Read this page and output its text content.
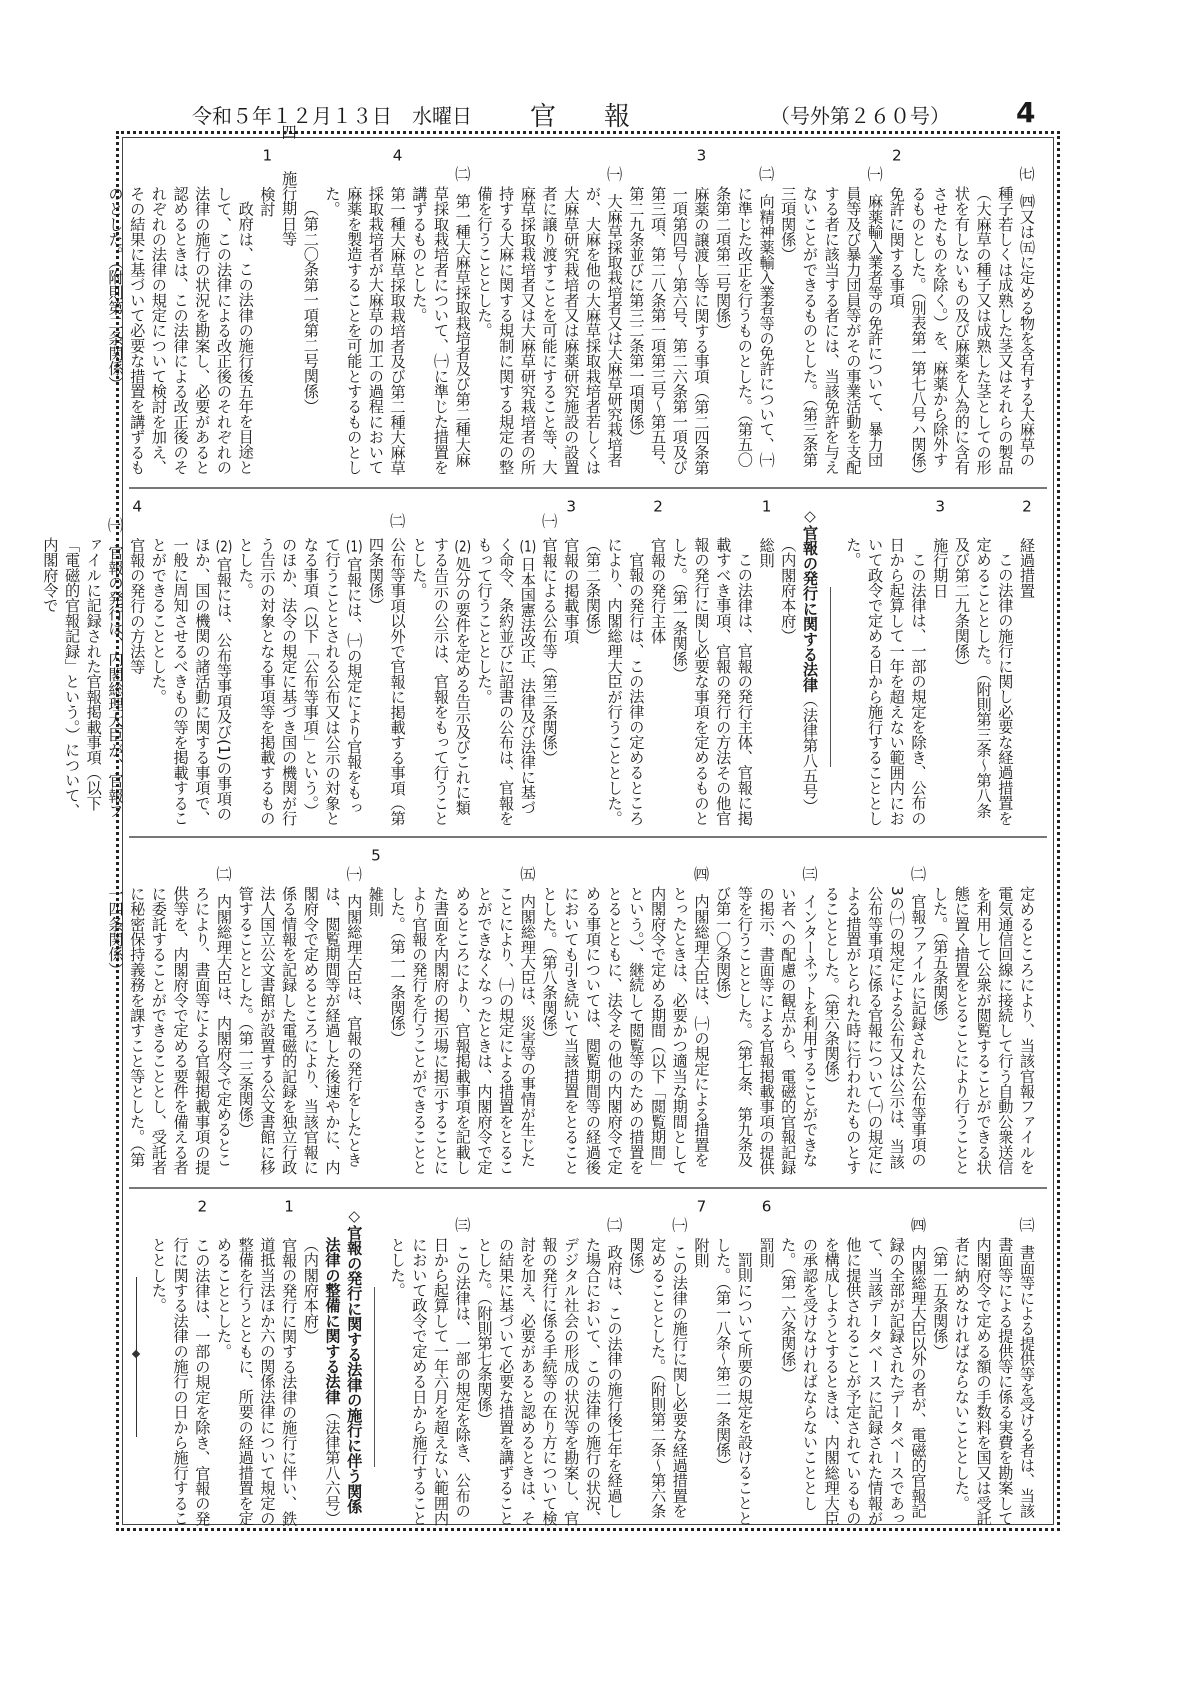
令和５年１２月１３日　水曜日 官報	（号外第２６０号） 4
㈦㈣又は㈤に定める物を含有する大麻草の種子若しくは成熟した茎又はそれらの製品（大麻草の種子又は成熟した茎としての形状を有しないもの及び麻薬を人為的に含有させたものを除く。）を、麻薬から除外するものとした。（別表第一第七八号ハ関係）
2免許に関する事項
㈠麻薬輸入業者等の免許について、暴力団員等及び暴力団員等がその事業活動を支配する者に該当する者には、当該免許を与えないことができるものとした。（第三条第三項関係）
㈡向精神薬輸入業者等の免許について、㈠に準じた改正を行うものとした。（第五〇条第二項第二号関係）
3麻薬の譲渡し等に関する事項（第二四条第一項第四号～第六号、第二六条第一項及び第三項、第二八条第一項第三号～第五号、第二九条並びに第三二条第一項関係）
㈠大麻草採取栽培者又は大麻草研究栽培者が、大麻を他の大麻草採取栽培者若しくは大麻草研究栽培者又は麻薬研究施設の設置者に譲り渡すことを可能にすること等、大麻草採取栽培者又は大麻草研究栽培者の所持する大麻に関する規制に関する規定の整備を行うこととした。
㈡第一種大麻草採取栽培者及び第二種大麻草採取栽培者について、㈠に準じた措置を講ずるものとした。
4第一種大麻草採取栽培者及び第二種大麻草採取栽培者が大麻草の加工の過程において麻薬を製造することを可能とするものとした。
（第二〇条第一項第二号関係）
四施行期日等
1検討
政府は、この法律の施行後五年を目途として、この法律による改正後のそれぞれの法律の施行の状況を勘案し、必要があると認めるときは、この法律による改正後のそれぞれの法律の規定について検討を加え、その結果に基づいて必要な措置を講ずるものとした。（附則第二条関係）
2経過措置
この法律の施行に関し必要な経過措置を定めることとした。（附則第三条～第八条及び第二九条関係）
3施行期日
この法律は、一部の規定を除き、公布の日から起算して一年を超えない範囲内において政令で定める日から施行することとした。
◇官報の発行に関する法律（法律第八五号）（内閣府本府）
1総則
この法律は、官報の発行主体、官報に掲載すべき事項、官報の発行の方法その他官報の発行に関し必要な事項を定めるものとした。（第一条関係）
2官報の発行主体
官報の発行は、この法律の定めるところにより、内閣総理大臣が行うこととした。（第二条関係）
3官報の掲載事項
㈠官報による公布等（第三条関係）
(1)日本国憲法改正、法律及び法律に基づく命令、条約並びに詔書の公布は、官報をもって行うこととした。
(2)処分の要件を定める告示及びこれに類する告示の公示は、官報をもって行うこととした。
㈡公布等事項以外で官報に掲載する事項（第四条関係）
(1)官報には、㈠の規定により官報をもって行うこととされる公布又は公示の対象となる事項（以下「公布等事項」という。）のほか、法令の規定に基づき国の機関が行う告示の対象となる事項等を掲載するものとした。
(2)官報には、公布等事項及び(1)の事項のほか、国の機関の諸活動に関する事項で、一般に周知させるべきもの等を掲載することができることとした。
4官報の発行の方法等
㈠官報の発行は、内閣総理大臣が、官報ファイルに記録された官報掲載事項（以下「電磁的官報記録」という。）について、内閣府令で
定めるところにより、当該官報ファイルを電気通信回線に接続して行う自動公衆送信を利用して公衆が閲覧することができる状態に置く措置をとることにより行うこととした。（第五条関係）
㈡官報ファイルに記録された公布等事項の3の㈠の規定による公布又は公示は、当該公布等事項に係る官報について㈠の規定による措置がとられた時に行われたものとすることとした。（第六条関係）
㈢インターネットを利用することができない者への配慮の観点から、電磁的官報記録の掲示、書面等による官報掲載事項の提供等を行うこととした。（第七条、第九条及び第一〇条関係）
㈣内閣総理大臣は、㈠の規定による措置をとったときは、必要かつ適当な期間として内閣府令で定める期間（以下「閲覧期間」という。）、継続して閲覧等のための措置をとるとともに、法令その他の内閣府令で定める事項については、閲覧期間等の経過後においても引き続いて当該措置をとることとした。（第八条関係）
㈤内閣総理大臣は、災害等の事情が生じたことにより、㈠の規定による措置をとることができなくなったときは、内閣府令で定めるところにより、官報掲載事項を記載した書面を内閣府の掲示場に掲示することにより官報の発行を行うことができることとした。（第一一条関係）
5雑則
㈠内閣総理大臣は、官報の発行をしたときは、閲覧期間等が経過した後速やかに、内閣府令で定めるところにより、当該官報に係る情報を記録した電磁的記録を独立行政法人国立公文書館が設置する公文書館に移管することとした。（第一三条関係）
㈡内閣総理大臣は、内閣府令で定めるところにより、書面等による官報掲載事項の提供等を、内閣府令で定める要件を備える者に委託することができることとし、受託者に秘密保持義務を課すこと等とした。（第一四条関係）
㈢書面等による提供等を受ける者は、当該書面等による提供等に係る実費を勘案して内閣府令で定める額の手数料を国又は受託者に納めなければならないこととした。（第一五条関係）
㈣内閣総理大臣以外の者が、電磁的官報記録の全部が記録されたデータベースであって、当該データベースに記録された情報が他に提供されることが予定されているものを構成しようとするときは、内閣総理大臣の承認を受けなければならないこととした。（第一六条関係）
6罰則
罰則について所要の規定を設けることとした。（第一八条～第二一条関係）
7附則
㈠この法律の施行に関し必要な経過措置を定めることとした。（附則第二条～第六条関係）
㈡政府は、この法律の施行後七年を経過した場合において、この法律の施行の状況、デジタル社会の形成の状況等を勘案し、官報の発行に係る手続等の在り方について検討を加え、必要があると認めるときは、その結果に基づいて必要な措置を講ずることとした。（附則第七条関係）
㈢この法律は、一部の規定を除き、公布の日から起算して一年六月を超えない範囲内において政令で定める日から施行することとした。
◇官報の発行に関する法律の施行に伴う関係法律の整備に関する法律（法律第八六号）（内閣府本府）
1官報の発行に関する法律の施行に伴い、鉄道抵当法ほか六の関係法律について規定の整備を行うとともに、所要の経過措置を定めることとした。
2この法律は、一部の規定を除き、官報の発行に関する法律の施行の日から施行することとした。
